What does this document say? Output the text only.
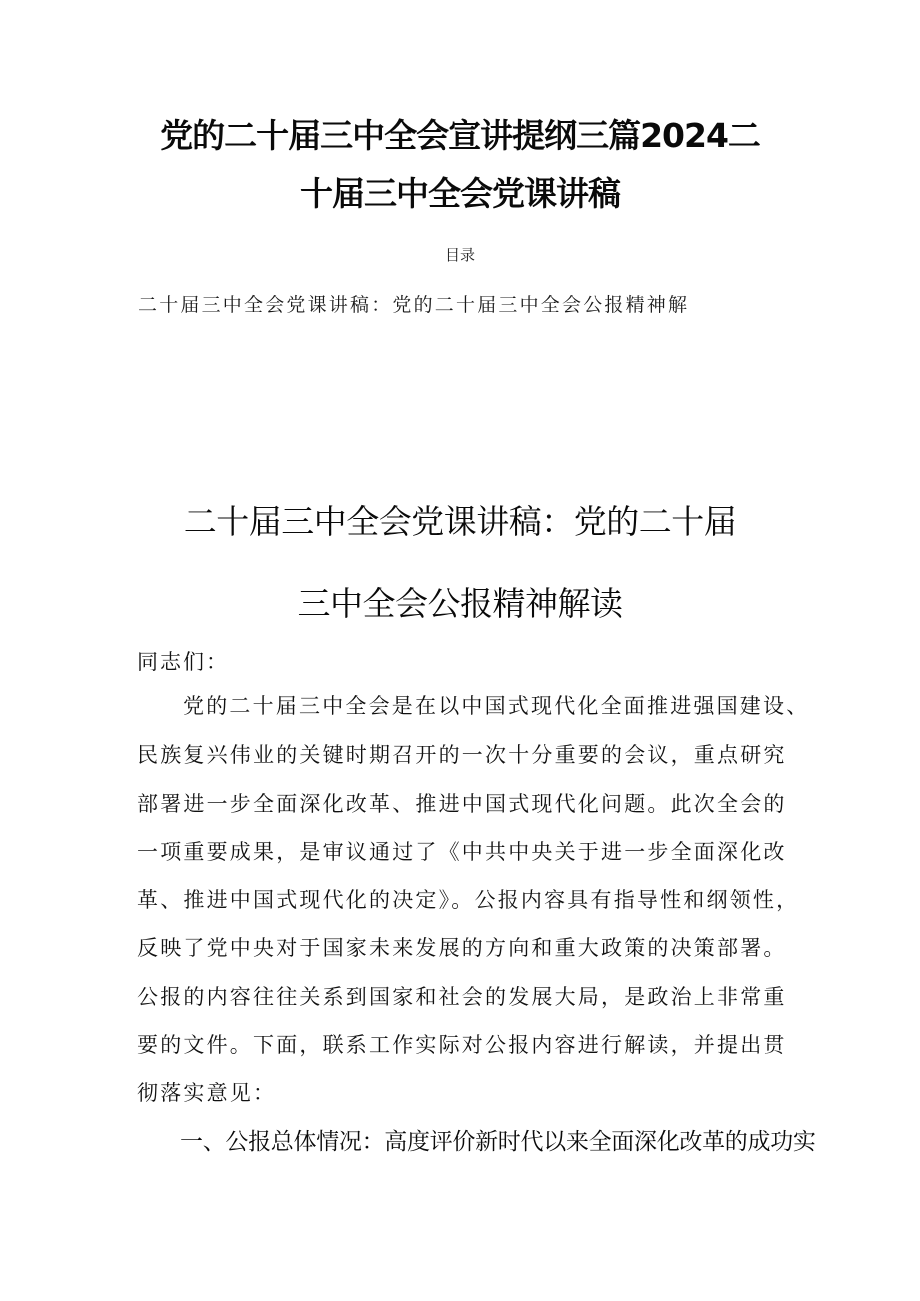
党的二十届三中全会宣讲提纲三篇2024二
十届三中全会党课讲稿
目录
二十届三中全会党课讲稿：党的二十届三中全会公报精神解
二十届三中全会党课讲稿：党的二十届
三中全会公报精神解读
同志们：
党的二十届三中全会是在以中国式现代化全面推进强国建设、
民族复兴伟业的关键时期召开的一次十分重要的会议，重点研究
部署进一步全面深化改革、推进中国式现代化问题。此次全会的
一项重要成果，是审议通过了《中共中央关于进一步全面深化改
革、推进中国式现代化的决定》。公报内容具有指导性和纲领性，
反映了党中央对于国家未来发展的方向和重大政策的决策部署。
公报的内容往往关系到国家和社会的发展大局，是政治上非常重
要的文件。下面，联系工作实际对公报内容进行解读，并提出贯
彻落实意见：
一、公报总体情况：高度评价新时代以来全面深化改革的成功实
